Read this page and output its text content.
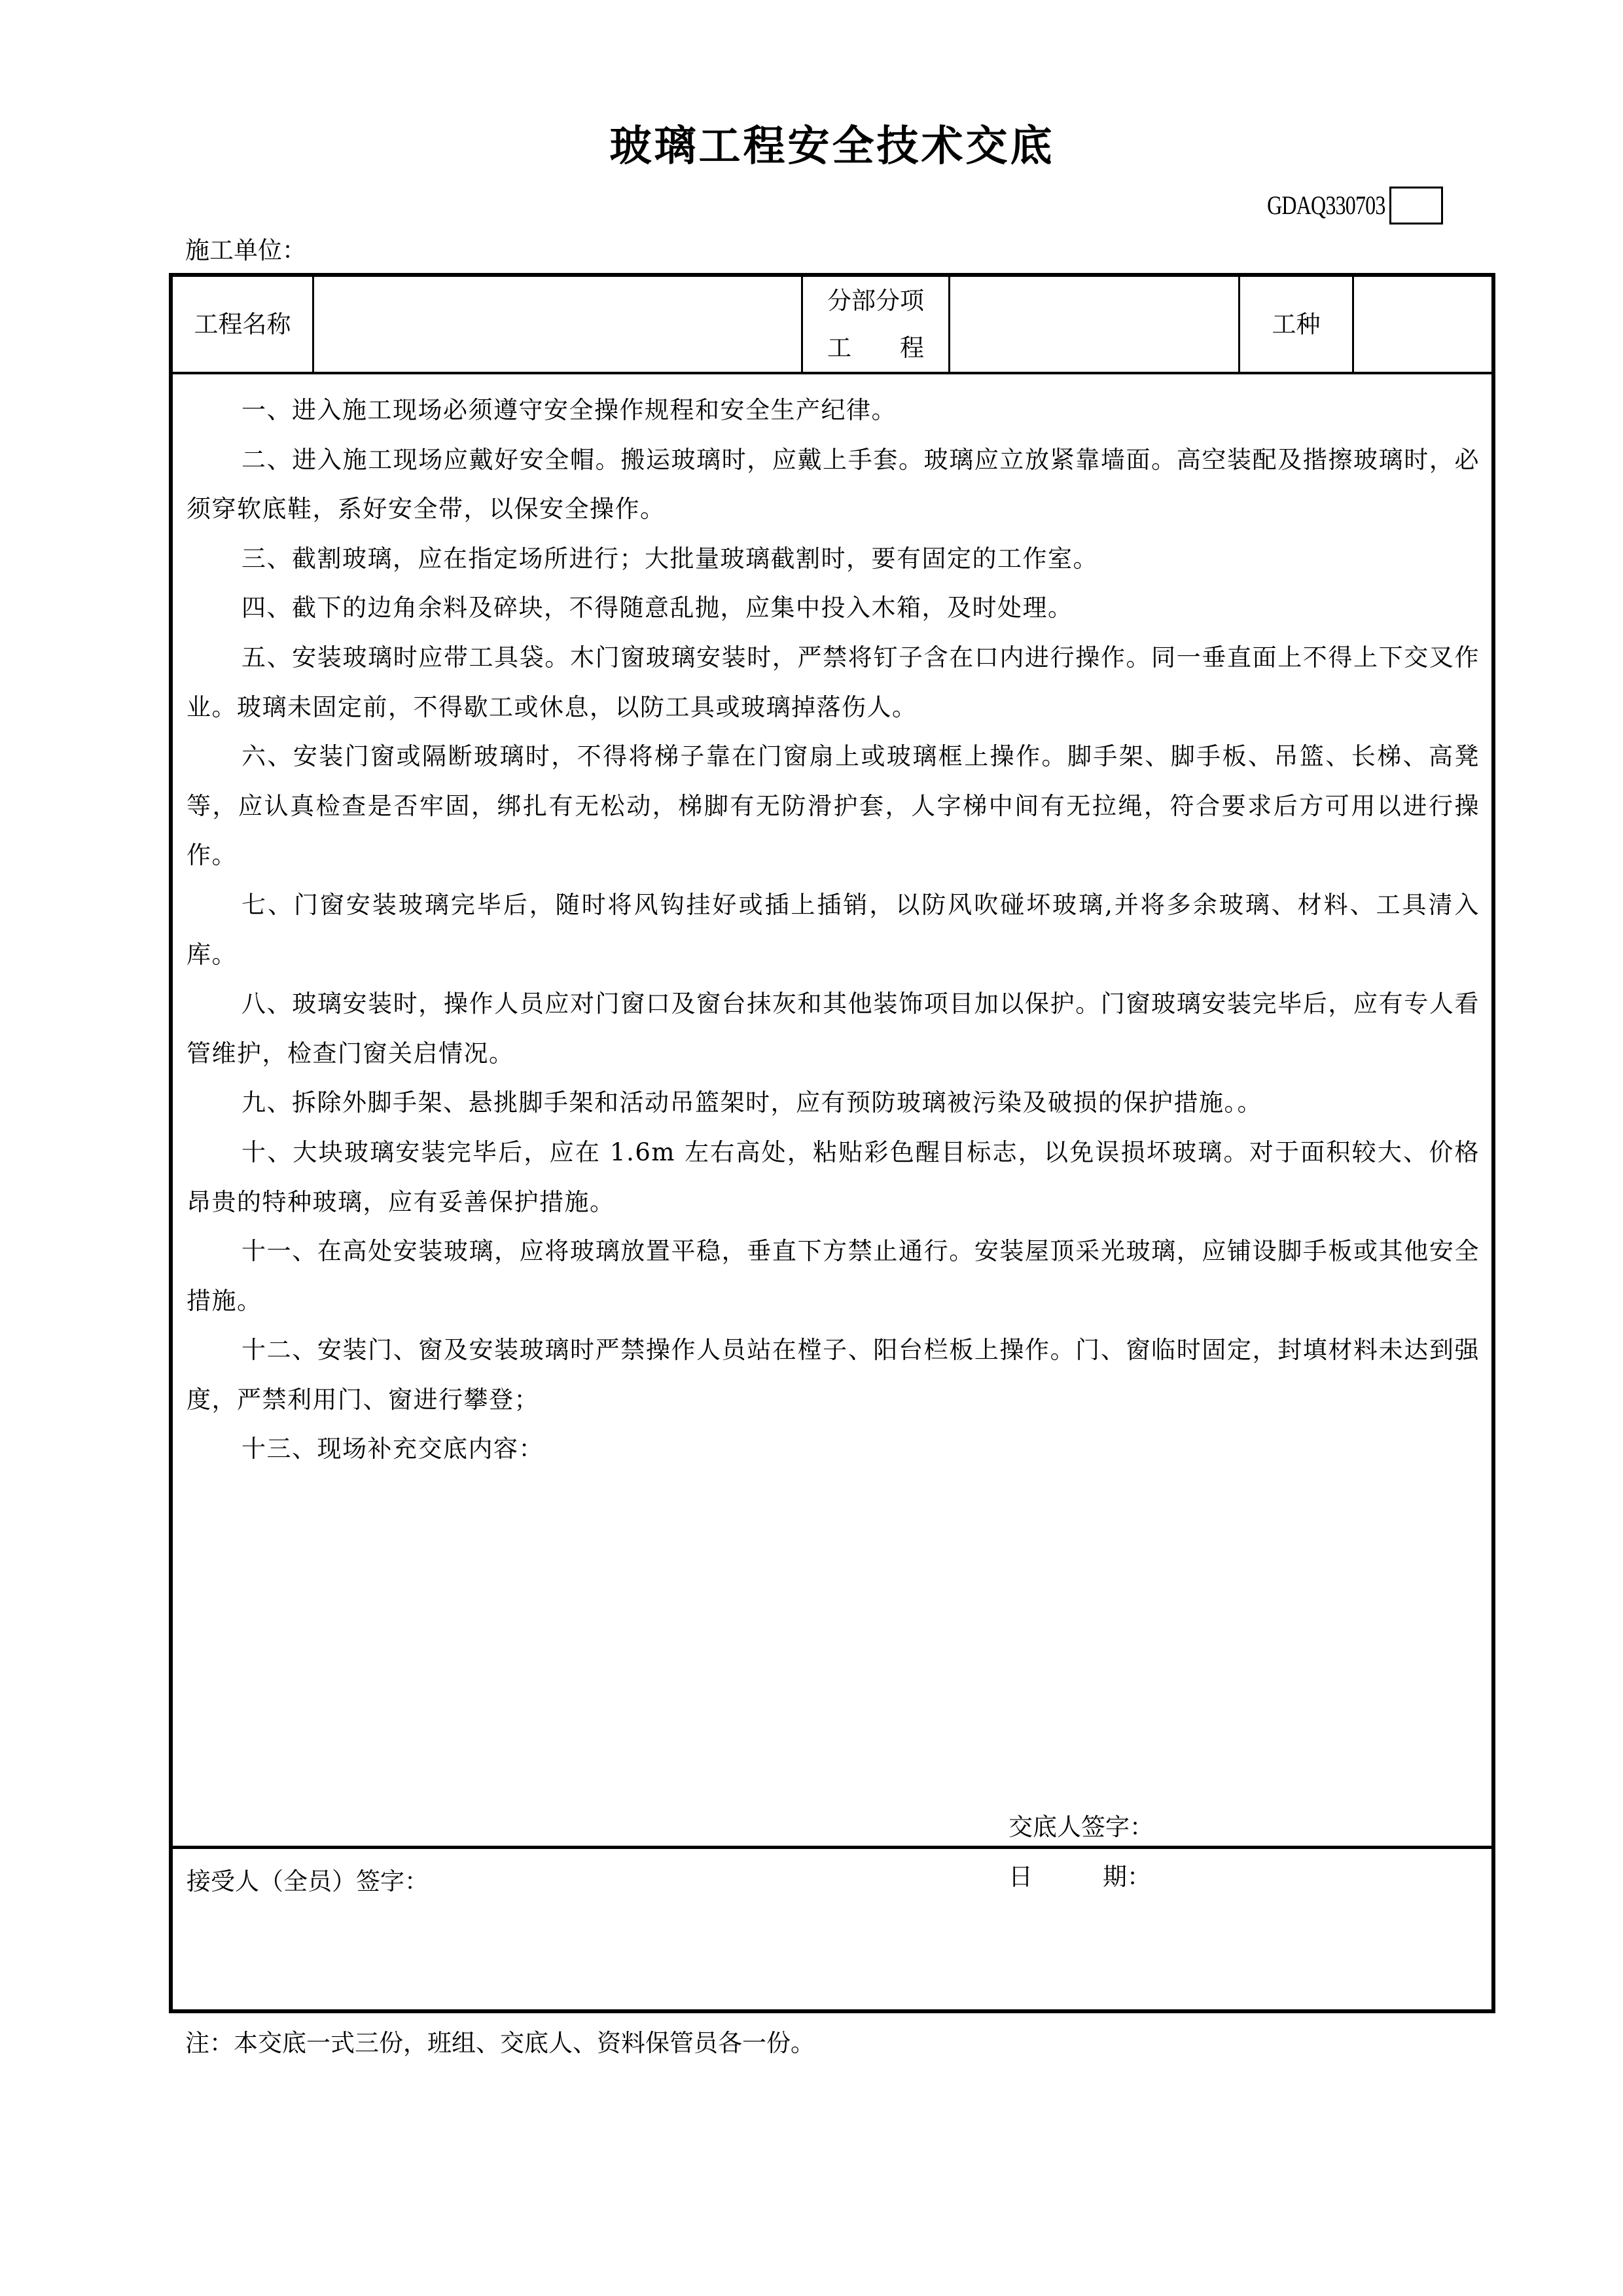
玻璃工程安全技术交底
GDAQ330703
施工单位：
工程名称
分部分项
工 程
工种

一、进入施工现场必须遵守安全操作规程和安全生产纪律。

二、进入施工现场应戴好安全帽。搬运玻璃时，应戴上手套。玻璃应立放紧靠墙面。高空装配及揩擦玻璃时，必须穿软底鞋，系好安全带，以保安全操作。

三、截割玻璃，应在指定场所进行；大批量玻璃截割时，要有固定的工作室。

四、截下的边角余料及碎块，不得随意乱抛，应集中投入木箱，及时处理。

五、安装玻璃时应带工具袋。木门窗玻璃安装时，严禁将钉子含在口内进行操作。同一垂直面上不得上下交叉作业。玻璃未固定前，不得歇工或休息，以防工具或玻璃掉落伤人。

六、安装门窗或隔断玻璃时，不得将梯子靠在门窗扇上或玻璃框上操作。脚手架、脚手板、吊篮、长梯、高凳等，应认真检查是否牢固，绑扎有无松动，梯脚有无防滑护套，人字梯中间有无拉绳，符合要求后方可用以进行操作。

七、门窗安装玻璃完毕后，随时将风钩挂好或插上插销，以防风吹碰坏玻璃,并将多余玻璃、材料、工具清入库。

八、玻璃安装时，操作人员应对门窗口及窗台抹灰和其他装饰项目加以保护。门窗玻璃安装完毕后，应有专人看管维护，检查门窗关启情况。

九、拆除外脚手架、悬挑脚手架和活动吊篮架时，应有预防玻璃被污染及破损的保护措施。。

十、大块玻璃安装完毕后，应在 1.6m 左右高处，粘贴彩色醒目标志，以免误损坏玻璃。对于面积较大、价格昂贵的特种玻璃，应有妥善保护措施。

十一、在高处安装玻璃，应将玻璃放置平稳，垂直下方禁止通行。安装屋顶采光玻璃，应铺设脚手板或其他安全措施。

十二、安装门、窗及安装玻璃时严禁操作人员站在樘子、阳台栏板上操作。门、窗临时固定，封填材料未达到强度，严禁利用门、窗进行攀登；

十三、现场补充交底内容：

交底人签字：
日	期：
接受人（全员）签字：
注：本交底一式三份，班组、交底人、资料保管员各一份。
